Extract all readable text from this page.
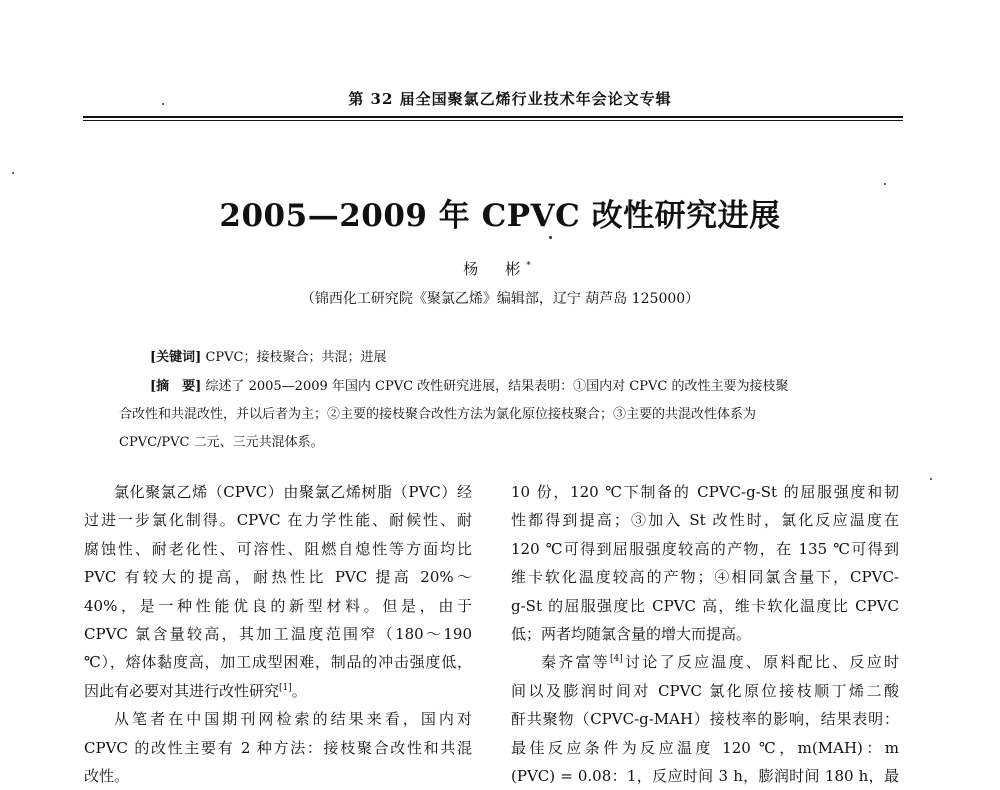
第 32 届全国聚氯乙烯行业技术年会论文专辑
2005—2009 年 CPVC 改性研究进展
杨　彬*
（锦西化工研究院《聚氯乙烯》编辑部，辽宁 葫芦岛 125000）
[关键词] CPVC；接枝聚合；共混；进展
[摘　要] 综述了 2005—2009 年国内 CPVC 改性研究进展，结果表明：①国内对 CPVC 的改性主要为接枝聚
合改性和共混改性，并以后者为主；②主要的接枝聚合改性方法为氯化原位接枝聚合；③主要的共混改性体系为
CPVC/PVC 二元、三元共混体系。
氯化聚氯乙烯（CPVC）由聚氯乙烯树脂（PVC）经
过进一步氯化制得。CPVC 在力学性能、耐候性、耐
腐蚀性、耐老化性、可溶性、阻燃自熄性等方面均比
PVC 有较大的提高，耐热性比 PVC 提高 20%～
40%，是一种性能优良的新型材料。但是，由于
CPVC 氯含量较高，其加工温度范围窄（180～190
℃），熔体黏度高，加工成型困难，制品的冲击强度低，
因此有必要对其进行改性研究[1]。
从笔者在中国期刊网检索的结果来看，国内对
CPVC 的改性主要有 2 种方法：接枝聚合改性和共混
改性。
10 份，120 ℃下制备的 CPVC-g-St 的屈服强度和韧
性都得到提高；③加入 St 改性时，氯化反应温度在
120 ℃可得到屈服强度较高的产物，在 135 ℃可得到
维卡软化温度较高的产物；④相同氯含量下，CPVC-
g-St 的屈服强度比 CPVC 高，维卡软化温度比 CPVC
低；两者均随氯含量的增大而提高。
秦齐富等[4]讨论了反应温度、原料配比、反应时
间以及膨润时间对 CPVC 氯化原位接枝顺丁烯二酸
酐共聚物（CPVC-g-MAH）接枝率的影响，结果表明：
最佳反应条件为反应温度 120 ℃，m(MAH)：m
(PVC) = 0.08：1，反应时间 3 h，膨润时间 180 h，最
